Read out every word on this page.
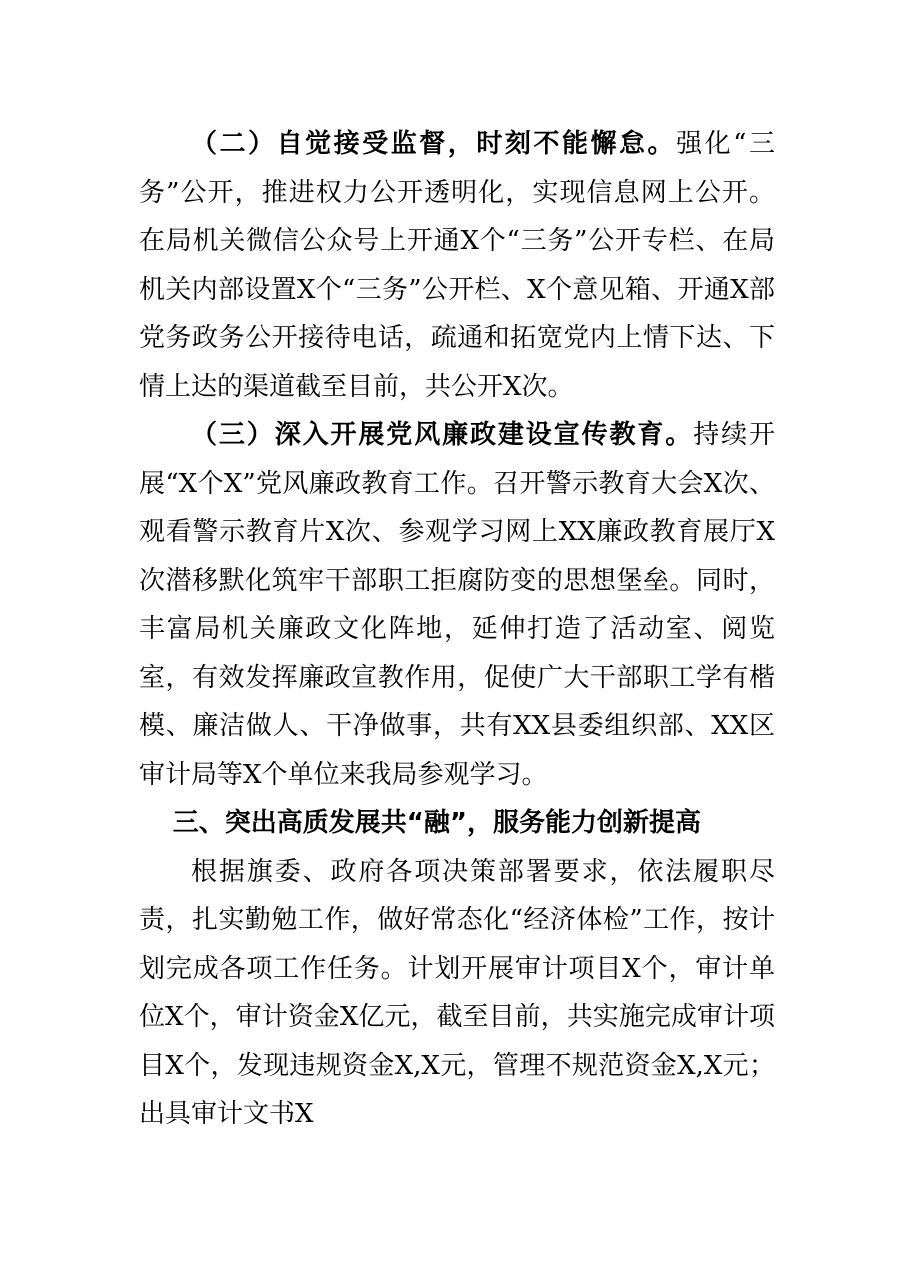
（二）自觉接受监督，时刻不能懈怠。强化“三务”公开，推进权力公开透明化，实现信息网上公开。在局机关微信公众号上开通X个“三务”公开专栏、在局机关内部设置X个“三务”公开栏、X个意见箱、开通X部党务政务公开接待电话，疏通和拓宽党内上情下达、下情上达的渠道截至目前，共公开X次。

（三）深入开展党风廉政建设宣传教育。持续开展“X个X”党风廉政教育工作。召开警示教育大会X次、观看警示教育片X次、参观学习网上XX廉政教育展厅X次潜移默化筑牢干部职工拒腐防变的思想堡垒。同时，丰富局机关廉政文化阵地，延伸打造了活动室、阅览室，有效发挥廉政宣教作用，促使广大干部职工学有楷模、廉洁做人、干净做事，共有XX县委组织部、XX区审计局等X个单位来我局参观学习。

三、突出高质发展共“融”，服务能力创新提高

根据旗委、政府各项决策部署要求，依法履职尽责，扎实勤勉工作，做好常态化“经济体检”工作，按计划完成各项工作任务。计划开展审计项目X个，审计单位X个，审计资金X亿元，截至目前，共实施完成审计项目X个，发现违规资金X,X元，管理不规范资金X,X元；出具审计文书X
